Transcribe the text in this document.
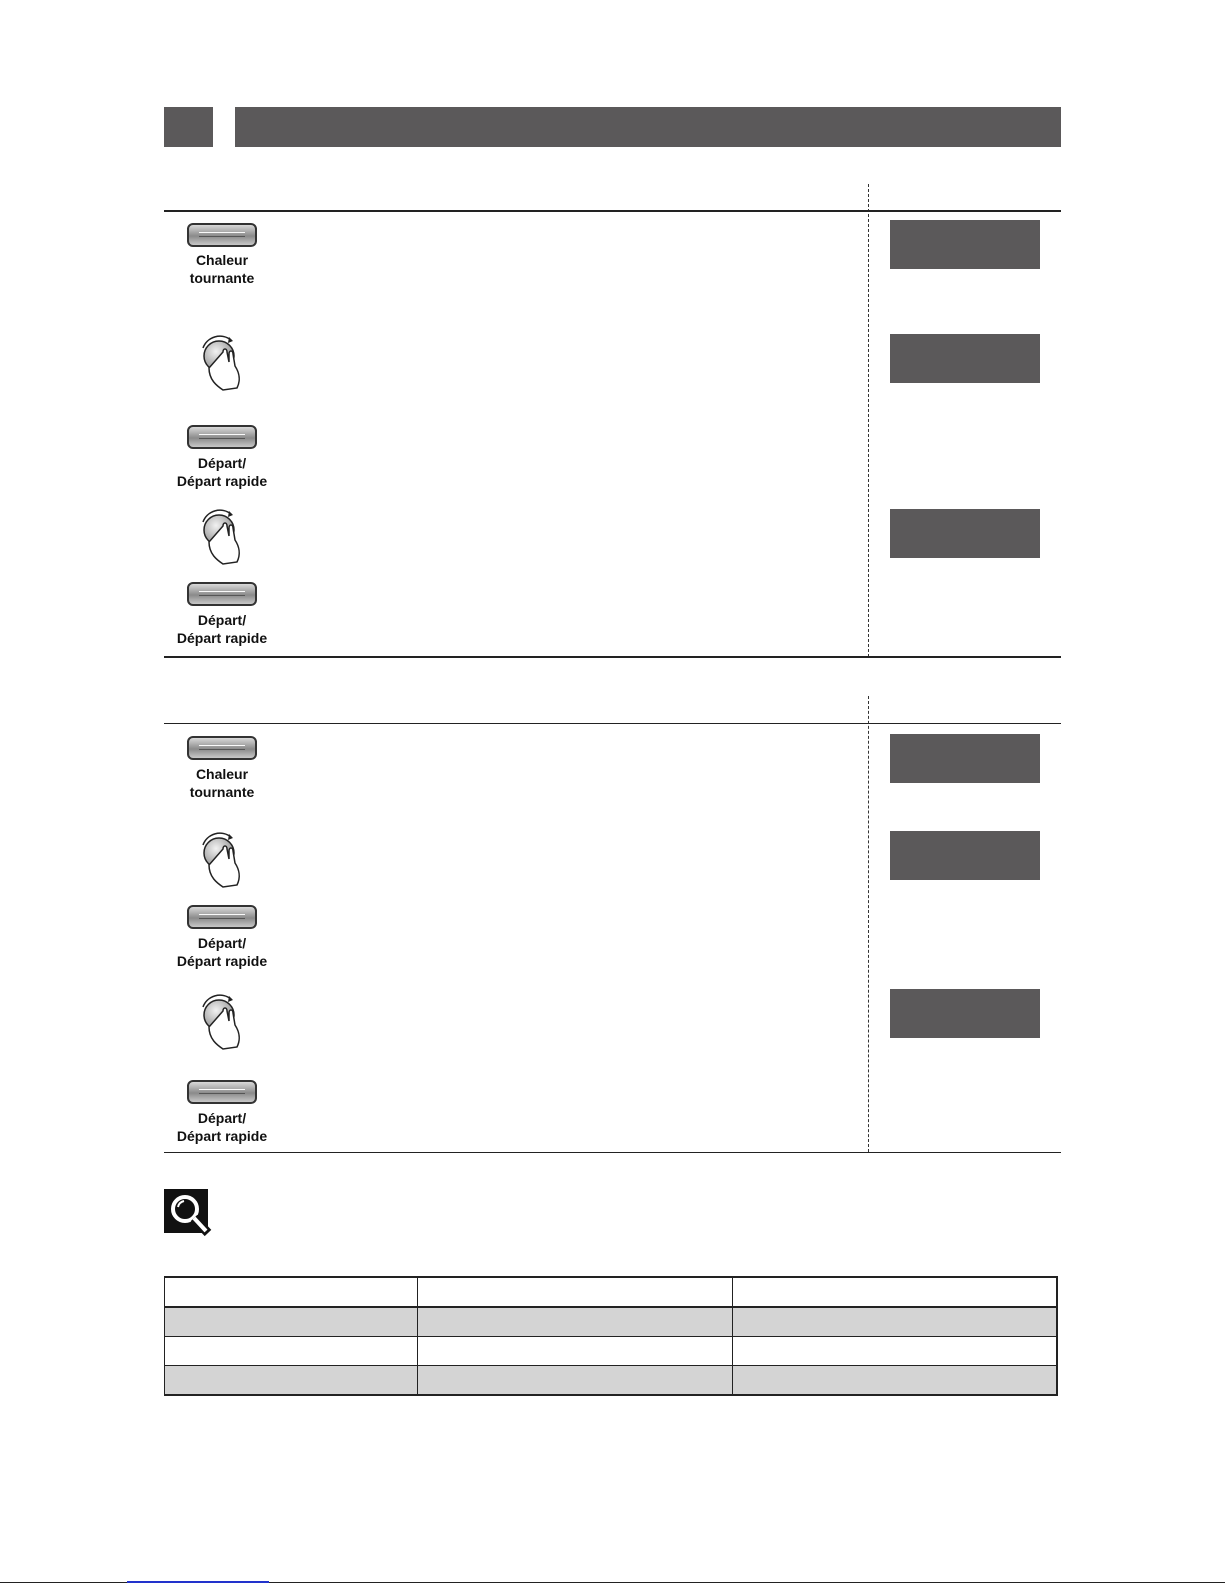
Chaleur
tournante
Départ/
Départ rapide
Départ/
Départ rapide
Chaleur
tournante
Départ/
Départ rapide
Départ/
Départ rapide
